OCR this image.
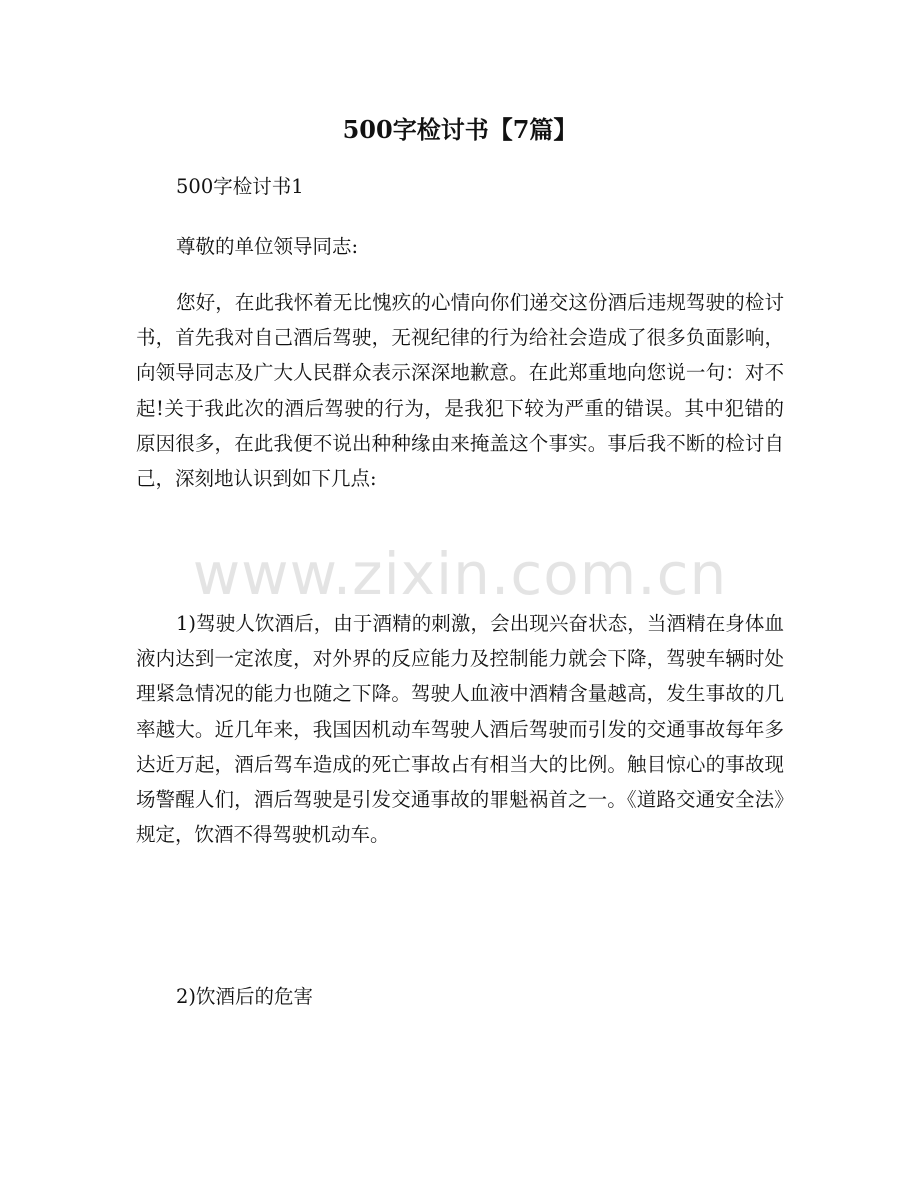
www.zixin.com.cn
500字检讨书【7篇】

500字检讨书1

尊敬的单位领导同志:

您好，在此我怀着无比愧疚的心情向你们递交这份酒后违规驾驶的检讨书，首先我对自己酒后驾驶，无视纪律的行为给社会造成了很多负面影响，向领导同志及广大人民群众表示深深地歉意。在此郑重地向您说一句：对不起!关于我此次的酒后驾驶的行为，是我犯下较为严重的错误。其中犯错的原因很多，在此我便不说出种种缘由来掩盖这个事实。事后我不断的检讨自己，深刻地认识到如下几点:

1)驾驶人饮酒后，由于酒精的刺激，会出现兴奋状态，当酒精在身体血液内达到一定浓度，对外界的反应能力及控制能力就会下降，驾驶车辆时处理紧急情况的能力也随之下降。驾驶人血液中酒精含量越高，发生事故的几率越大。近几年来，我国因机动车驾驶人酒后驾驶而引发的交通事故每年多达近万起，酒后驾车造成的死亡事故占有相当大的比例。触目惊心的事故现场警醒人们，酒后驾驶是引发交通事故的罪魁祸首之一。《道路交通安全法》规定，饮酒不得驾驶机动车。

2)饮酒后的危害
